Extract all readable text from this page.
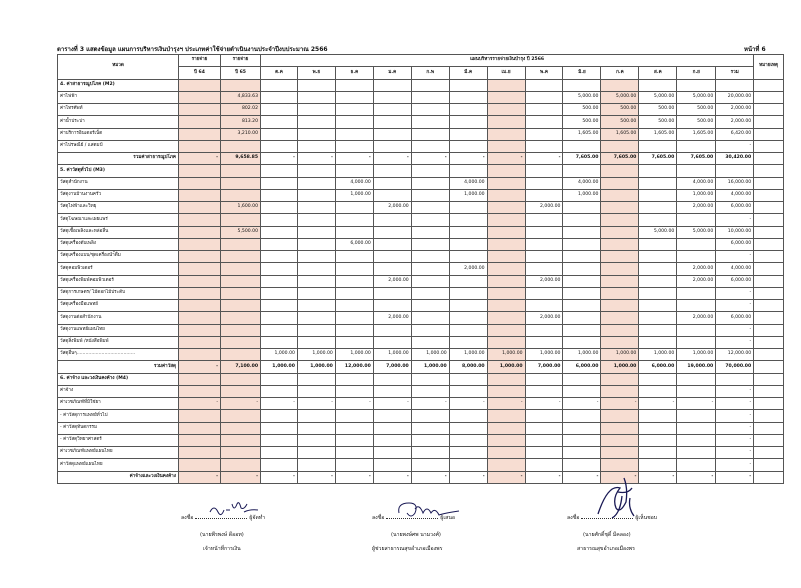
ตารางที่ 3 แสดงข้อมูล แผนการบริหารเงินบำรุงฯ ประเภทค่าใช้จ่ายดำเนินงานประจำปีงบประมาณ 2566	หน้าที่ 6
หมวด	รายจ่าย	รายจ่าย	แผนบริหารรายจ่ายเงินบำรุง ปี 2566													หมายเหตุ
	ปี 64	ปี 65	ต.ค	พ.ย	ธ.ค	ม.ค	ก.พ	มี.ค	เม.ย	พ.ค	มิ.ย	ก.ค	ส.ค	ก.ย	รวม	
4. ค่าสาธารณูปโภค (M2)																
ค่าไฟฟ้า		4,833.63									5,000.00	5,000.00	5,000.00	5,000.00	20,000.00	
ค่าโทรศัพท์		802.02									500.00	500.00	500.00	500.00	2,000.00	
ค่าน้ำประปา		813.20									500.00	500.00	500.00	500.00	2,000.00	
ค่าบริการอินเตอร์เน็ต		3,210.00									1,605.00	1,605.00	1,605.00	1,605.00	6,420.00	
ค่าไปรษณีย์ / แสตมป์															-	
รวมค่าสาธารณูปโภค	-	9,658.85	-	-	-	-	-	-	-	-	7,605.00	7,605.00	7,605.00	7,605.00	30,420.00	
5. ค่าวัสดุทั่วไป (M3)																
วัสดุสำนักงาน					4,000.00			4,000.00			4,000.00			4,000.00	16,000.00	
วัสดุงานบ้านงานครัว					1,000.00			1,000.00			1,000.00			1,000.00	4,000.00	
วัสดุไฟฟ้าและวิทยุ		1,600.00				2,000.00				2,000.00				2,000.00	6,000.00	
วัสดุโฆษณาและเผยแพร่															-	
วัสดุเชื้อเพลิงและหล่อลื่น		5,500.00											5,000.00	5,000.00	10,000.00	
วัสดุเครื่องดับเพลิง					6,000.00										6,000.00	
วัสดุเครื่องแบบ/ชุดเครื่องนำ้ดื่ม															-	
วัสดุคอมพิวเตอร์								2,000.00						2,000.00	4,000.00	
วัสดุเครื่องพิมพ์คอมพิวเตอร์						2,000.00				2,000.00				2,000.00	6,000.00	
วัสดุการเกษตร/ ไม้ดอกไม้ประดับ															-	
วัสดุเครื่องมือแพทย์															-	
วัสดุงานต่อสำนักงาน						2,000.00				2,000.00				2,000.00	6,000.00	
วัสดุงานแพทย์แผนไทย															-	
วัสดุสิ่งพิมพ์ /หนังสือพิมพ์															-	
วัสดุอื่นๆ........................................			1,000.00	1,000.00	1,000.00	1,000.00	1,000.00	1,000.00	1,000.00	1,000.00	1,000.00	1,000.00	1,000.00	1,000.00	12,000.00	
รวมค่าวัสดุ	-	7,100.00	1,000.00	1,000.00	12,000.00	7,000.00	1,000.00	8,000.00	1,000.00	7,000.00	6,000.00	1,000.00	6,000.00	19,000.00	70,000.00	
6. ค่าจ้าง และวงเงินคงค้าง (M4)																
ค่าจ้าง															-	
ค่าเวชภัณฑ์ที่มิใช่ยา	-	-	-	-	-	-	-	-	-	-	-	-	-	-	-	
- ค่าวัสดุการแพทย์ทั่วไป															-	
- ค่าวัสดุทันตกรรม															-	
- ค่าวัสดุวิทยาศาสตร์															-	
ค่าเวชภัณฑ์แพทย์แผนไทย															-	
ค่าวัสดุแพทย์แผนไทย															-	
ค่าจ้างและวงเงินคงค้าง	-	-	-	-	-	-	-	-	-	-	-	-	-	-	-	
ลงชื่อ	ผู้จัดทำ
(นายพีรพงษ์ ดีออท)
เจ้าหน้าที่การเงิน
ลงชื่อ	ผู้เสนอ
(นายพงษ์ศพ นามวงศ์)
ผู้ช่วยสาธารณสุขอำเภอเมืองพร
ลงชื่อ	ผู้เห็นชอบ
(นายศักดิ์ชุดิ์ มีคลอง)
สาธารณสุขอำเภอเมืองพร
